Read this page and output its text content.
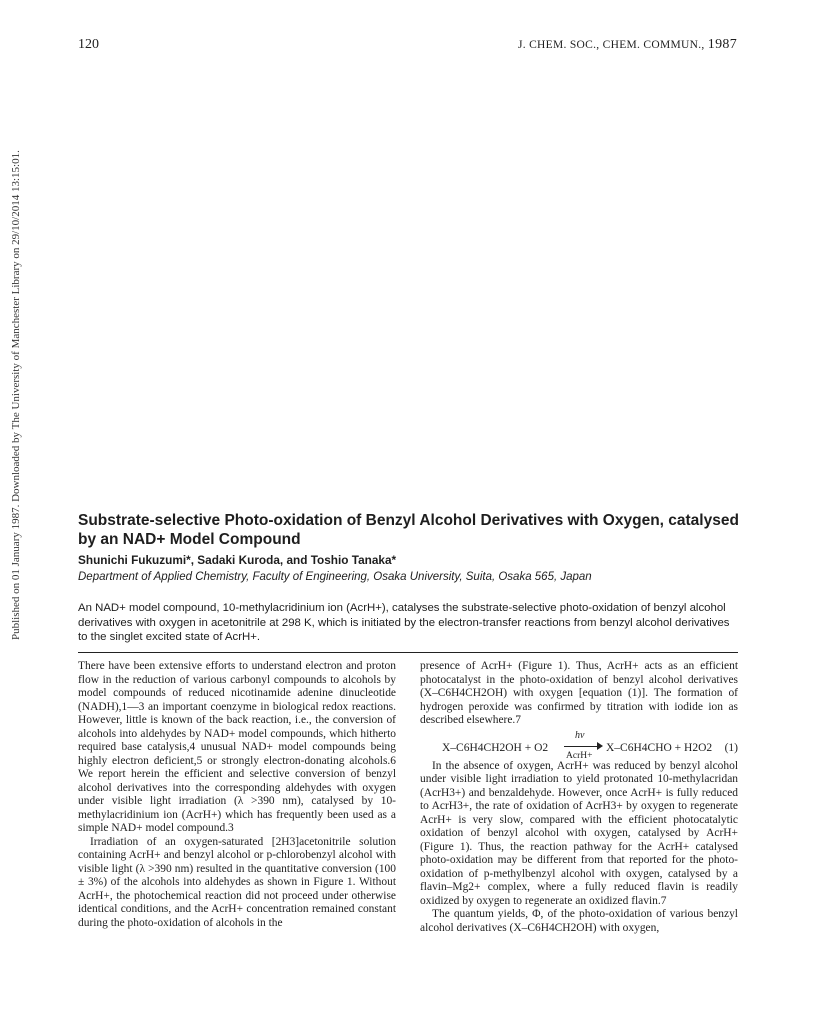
120	J. CHEM. SOC., CHEM. COMMUN., 1987
Published on 01 January 1987. Downloaded by The University of Manchester Library on 29/10/2014 13:15:01.	Substrate-selective Photo-oxidation of Benzyl Alcohol Derivatives with Oxygen, catalysed by an NAD+ Model Compound
Shunichi Fukuzumi*, Sadaki Kuroda, and Toshio Tanaka*
Department of Applied Chemistry, Faculty of Engineering, Osaka University, Suita, Osaka 565, Japan

An NAD+ model compound, 10-methylacridinium ion (AcrH+), catalyses the substrate-selective photo-oxidation of benzyl alcohol derivatives with oxygen in acetonitrile at 298 K, which is initiated by the electron-transfer reactions from benzyl alcohol derivatives to the singlet excited state of AcrH+.

There have been extensive efforts to understand electron and proton flow in the reduction of various carbonyl compounds to alcohols by model compounds of reduced nicotinamide adenine dinucleotide (NADH),1—3 an important coenzyme in biological redox reactions. However, little is known of the back reaction, i.e., the conversion of alcohols into aldehydes by NAD+ model compounds, which hitherto required base catalysis,4 unusual NAD+ model compounds being highly electron deficient,5 or strongly electron-donating alcohols.6 We report herein the efficient and selective conversion of benzyl alcohol derivatives into the corresponding aldehydes with oxygen under visible light irradiation (λ >390 nm), catalysed by 10-methylacridinium ion (AcrH+) which has frequently been used as a simple NAD+ model compound.3

Irradiation of an oxygen-saturated [2H3]acetonitrile solution containing AcrH+ and benzyl alcohol or p-chlorobenzyl alcohol with visible light (λ >390 nm) resulted in the quantitative conversion (100 ± 3%) of the alcohols into aldehydes as shown in Figure 1. Without AcrH+, the photochemical reaction did not proceed under otherwise identical conditions, and the AcrH+ concentration remained constant during the photo-oxidation of alcohols in the

presence of AcrH+ (Figure 1). Thus, AcrH+ acts as an efficient photocatalyst in the photo-oxidation of benzyl alcohol derivatives (X–C6H4CH2OH) with oxygen [equation (1)]. The formation of hydrogen peroxide was confirmed by titration with iodide ion as described elsewhere.7

X–C6H4CH2OH + O2
hv
AcrH+
X–C6H4CHO + H2O2 (1)

In the absence of oxygen, AcrH+ was reduced by benzyl alcohol under visible light irradiation to yield protonated 10-methylacridan (AcrH3+) and benzaldehyde. However, once AcrH+ is fully reduced to AcrH3+, the rate of oxidation of AcrH3+ by oxygen to regenerate AcrH+ is very slow, compared with the efficient photocatalytic oxidation of benzyl alcohol with oxygen, catalysed by AcrH+ (Figure 1). Thus, the reaction pathway for the AcrH+ catalysed photo-oxidation may be different from that reported for the photo-oxidation of p-methylbenzyl alcohol with oxygen, catalysed by a flavin–Mg2+ complex, where a fully reduced flavin is readily oxidized by oxygen to regenerate an oxidized flavin.7

The quantum yields, Φ, of the photo-oxidation of various benzyl alcohol derivatives (X–C6H4CH2OH) with oxygen,
